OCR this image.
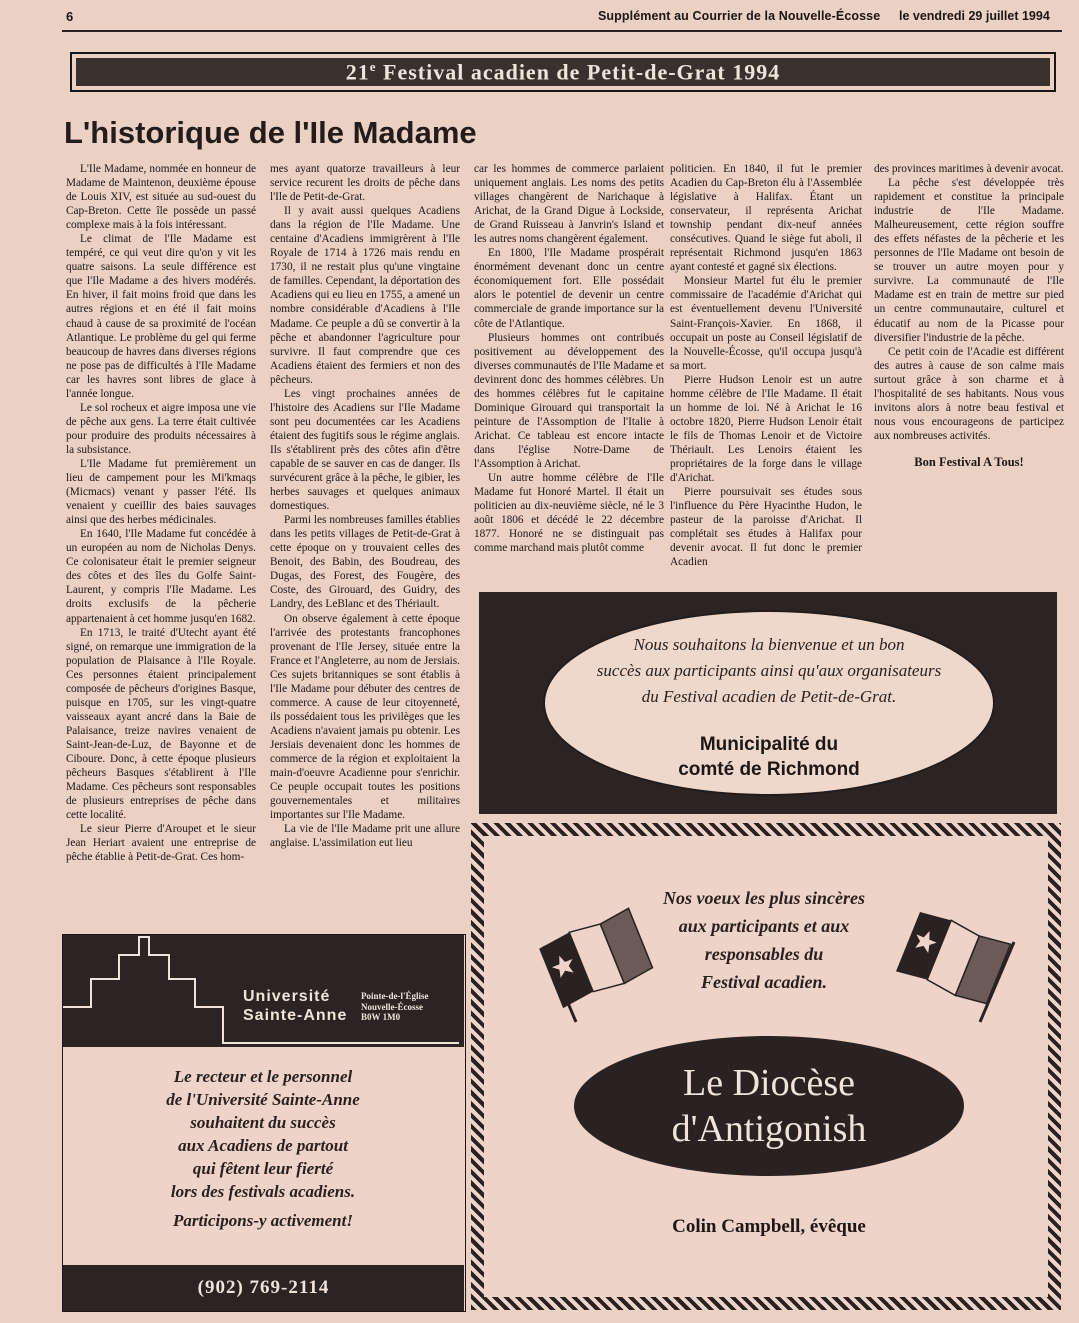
6	Supplément au Courrier de la Nouvelle-Écosse le vendredi 29 juillet 1994
21e Festival acadien de Petit-de-Grat 1994
L'historique de l'Ile Madame

L'Ile Madame, nommée en honneur de Madame de Maintenon, deuxième épouse de Louis XIV, est située au sud-ouest du Cap-Breton. Cette île possède un passé complexe mais à la fois intéressant.

Le climat de l'Ile Madame est tempéré, ce qui veut dire qu'on y vit les quatre saisons. La seule différence est que l'Ile Madame a des hivers modérés. En hiver, il fait moins froid que dans les autres régions et en été il fait moins chaud à cause de sa proximité de l'océan Atlantique. Le problème du gel qui ferme beaucoup de havres dans diverses régions ne pose pas de difficultés à l'Ile Madame car les havres sont libres de glace à l'année longue.

Le sol rocheux et aigre imposa une vie de pêche aux gens. La terre était cultivée pour produire des produits nécessaires à la subsistance.

L'Ile Madame fut premièrement un lieu de campement pour les Mi'kmaqs (Micmacs) venant y passer l'été. Ils venaient y cueillir des baies sauvages ainsi que des herbes médicinales.

En 1640, l'Ile Madame fut concédée à un européen au nom de Nicholas Denys. Ce colonisateur était le premier seigneur des côtes et des îles du Golfe Saint-Laurent, y compris l'Ile Madame. Les droits exclusifs de la pêcherie appartenaient à cet homme jusqu'en 1682.

En 1713, le traité d'Utecht ayant été signé, on remarque une immigration de la population de Plaisance à l'Ile Royale. Ces personnes étaient principalement composée de pêcheurs d'origines Basque, puisque en 1705, sur les vingt-quatre vaisseaux ayant ancré dans la Baie de Palaisance, treize navires venaient de Saint-Jean-de-Luz, de Bayonne et de Ciboure. Donc, à cette époque plusieurs pêcheurs Basques s'établirent à l'Ile Madame. Ces pêcheurs sont responsables de plusieurs entreprises de pêche dans cette localité.

Le sieur Pierre d'Aroupet et le sieur Jean Heriart avaient une entreprise de pêche établie à Petit-de-Grat. Ces hom-

mes ayant quatorze travailleurs à leur service recurent les droits de pêche dans l'Ile de Petit-de-Grat.

Il y avait aussi quelques Acadiens dans la région de l'Ile Madame. Une centaine d'Acadiens immigrèrent à l'Ile Royale de 1714 à 1726 mais rendu en 1730, il ne restait plus qu'une vingtaine de familles. Cependant, la déportation des Acadiens qui eu lieu en 1755, a amené un nombre considérable d'Acadiens à l'Ile Madame. Ce peuple a dû se convertir à la pêche et abandonner l'agriculture pour survivre. Il faut comprendre que ces Acadiens étaient des fermiers et non des pêcheurs.

Les vingt prochaines années de l'histoire des Acadiens sur l'Ile Madame sont peu documentées car les Acadiens étaient des fugitifs sous le régime anglais. Ils s'établirent près des côtes afin d'être capable de se sauver en cas de danger. Ils survécurent grâce à la pêche, le gibier, les herbes sauvages et quelques animaux domestiques.

Parmi les nombreuses familles établies dans les petits villages de Petit-de-Grat à cette époque on y trouvaient celles des Benoit, des Babin, des Boudreau, des Dugas, des Forest, des Fougère, des Coste, des Girouard, des Guidry, des Landry, des LeBlanc et des Thériault.

On observe également à cette époque l'arrivée des protestants francophones provenant de l'Ile Jersey, située entre la France et l'Angleterre, au nom de Jersiais. Ces sujets britanniques se sont établis à l'Ile Madame pour débuter des centres de commerce. A cause de leur citoyenneté, ils possédaient tous les privilèges que les Acadiens n'avaient jamais pu obtenir. Les Jersiais devenaient donc les hommes de commerce de la région et exploitaient la main-d'oeuvre Acadienne pour s'enrichir. Ce peuple occupait toutes les positions gouvernementales et militaires importantes sur l'Ile Madame.

La vie de l'Ile Madame prit une allure anglaise. L'assimilation eut lieu

car les hommes de commerce parlaient uniquement anglais. Les noms des petits villages changèrent de Narichaque à Arichat, de la Grand Digue à Lockside, de Grand Ruisseau à Janvrin's Island et les autres noms changèrent également.

En 1800, l'Ile Madame prospérait énormément devenant donc un centre économiquement fort. Elle possédait alors le potentiel de devenir un centre commerciale de grande importance sur la côte de l'Atlantique.

Plusieurs hommes ont contribués positivement au développement des diverses communautés de l'Ile Madame et devinrent donc des hommes célèbres. Un des hommes célèbres fut le capitaine Dominique Girouard qui transportait la peinture de l'Assomption de l'Italie à Arichat. Ce tableau est encore intacte dans l'église Notre-Dame de l'Assomption à Arichat.

Un autre homme célèbre de l'Ile Madame fut Honoré Martel. Il était un politicien au dix-neuvième siècle, né le 3 août 1806 et décédé le 22 décembre 1877. Honoré ne se distinguait pas comme marchand mais plutôt comme

politicien. En 1840, il fut le premier Acadien du Cap-Breton élu à l'Assemblée législative à Halifax. Étant un conservateur, il représenta Arichat township pendant dix-neuf années consécutives. Quand le siège fut aboli, il représentait Richmond jusqu'en 1863 ayant contesté et gagné six élections.

Monsieur Martel fut élu le premier commissaire de l'académie d'Arichat qui est éventuellement devenu l'Université Saint-François-Xavier. En 1868, il occupait un poste au Conseil législatif de la Nouvelle-Écosse, qu'il occupa jusqu'à sa mort.

Pierre Hudson Lenoir est un autre homme célèbre de l'Ile Madame. Il était un homme de loi. Né à Arichat le 16 octobre 1820, Pierre Hudson Lenoir était le fils de Thomas Lenoir et de Victoire Thériault. Les Lenoirs étaient les propriétaires de la forge dans le village d'Arichat.

Pierre poursuivait ses études sous l'influence du Père Hyacinthe Hudon, le pasteur de la paroisse d'Arichat. Il complétait ses études à Halifax pour devenir avocat. Il fut donc le premier Acadien

des provinces maritimes à devenir avocat.

La pêche s'est développée très rapidement et constitue la principale industrie de l'Ile Madame. Malheureusement, cette région souffre des effets néfastes de la pêcherie et les personnes de l'Ile Madame ont besoin de se trouver un autre moyen pour y survivre. La communauté de l'Ile Madame est en train de mettre sur pied un centre communautaire, culturel et éducatif au nom de la Picasse pour diversifier l'industrie de la pêche.

Ce petit coin de l'Acadie est différent des autres à cause de son calme mais surtout grâce à son charme et à l'hospitalité de ses habitants. Nous vous invitons alors à notre beau festival et nous vous encourageons de participez aux nombreuses activités.

Bon Festival A Tous!

Nous souhaitons la bienvenue et un bon
succès aux participants ainsi qu'aux organisateurs
du Festival acadien de Petit-de-Grat.
Municipalité du
comté de Richmond
Nos voeux les plus sincères
aux participants et aux
responsables du
Festival acadien.
Le Diocèse
d'Antigonish
Colin Campbell, évêque
Université
Sainte-Anne
Pointe-de-l'Église
Nouvelle-Écosse
B0W 1M0
Le recteur et le personnel
de l'Université Sainte-Anne
souhaitent du succès
aux Acadiens de partout
qui fêtent leur fierté
lors des festivals acadiens.
Participons-y activement!
(902) 769-2114
